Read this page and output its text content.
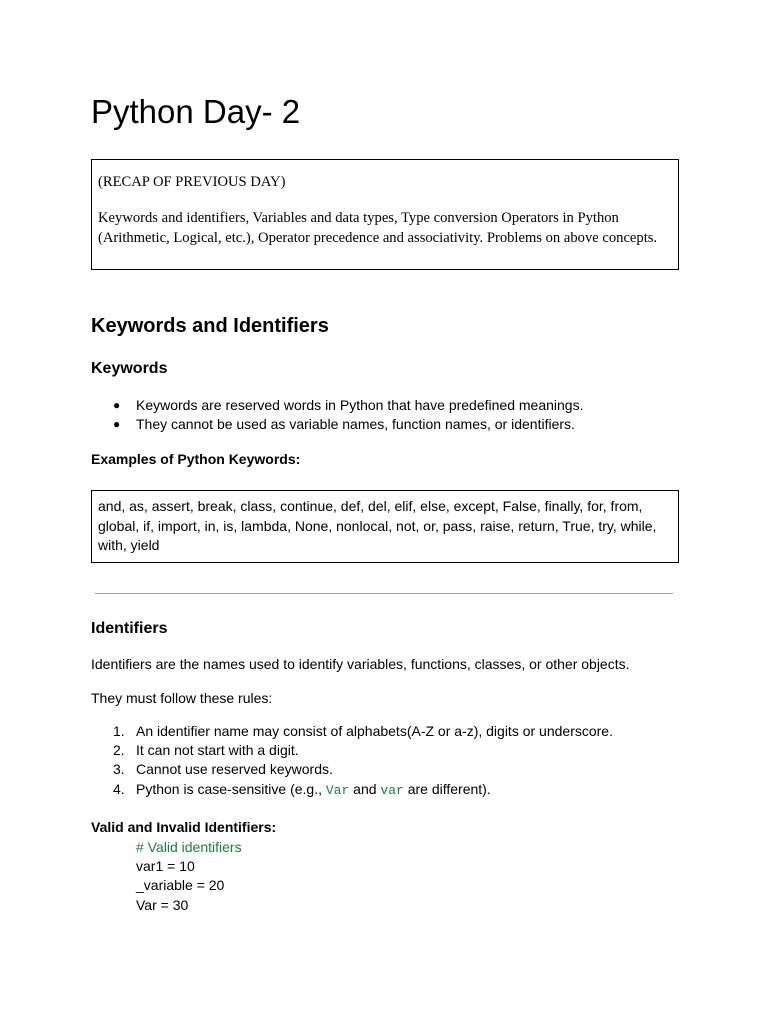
Python Day- 2
(RECAP OF PREVIOUS DAY)
Keywords and identifiers, Variables and data types, Type conversion Operators in Python (Arithmetic, Logical, etc.), Operator precedence and associativity. Problems on above concepts.
Keywords and Identifiers
Keywords
● Keywords are reserved words in Python that have predefined meanings.
● They cannot be used as variable names, function names, or identifiers.
Examples of Python Keywords:
and, as, assert, break, class, continue, def, del, elif, else, except, False, finally, for, from, global, if, import, in, is, lambda, None, nonlocal, not, or, pass, raise, return, True, try, while, with, yield
Identifiers
Identifiers are the names used to identify variables, functions, classes, or other objects.
They must follow these rules:
1. An identifier name may consist of alphabets(A-Z or a-z), digits or underscore.
2. It can not start with a digit.
3. Cannot use reserved keywords.
4. Python is case-sensitive (e.g., Var and var are different).
Valid and Invalid Identifiers:
# Valid identifiers
var1 = 10
_variable = 20
Var = 30
